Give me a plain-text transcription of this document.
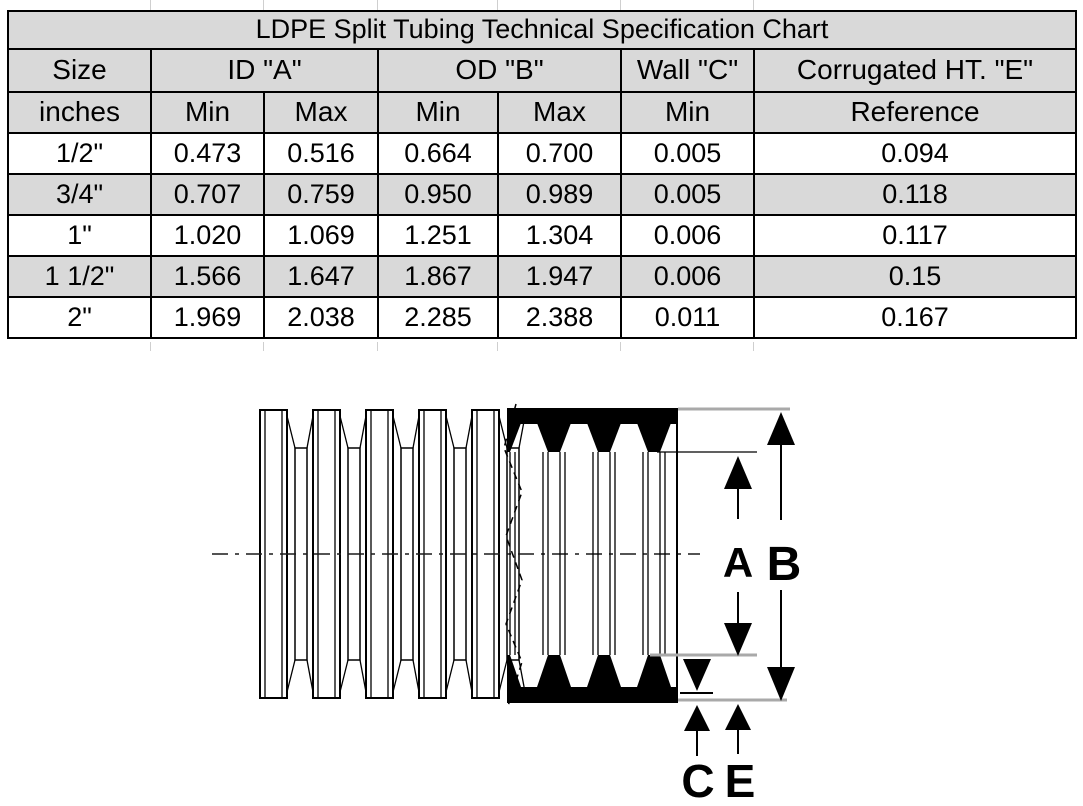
LDPE Split Tubing Technical Specification Chart						
Size	ID "A"		OD "B"		Wall "C"	Corrugated HT. "E"
inches	Min	Max	Min	Max	Min	Reference
1/2"	0.473	0.516	0.664	0.700	0.005	0.094
3/4"	0.707	0.759	0.950	0.989	0.005	0.118
1"	1.020	1.069	1.251	1.304	0.006	0.117
1 1/2"	1.566	1.647	1.867	1.947	0.006	0.15
2"	1.969	2.038	2.285	2.388	0.011	0.167
A B
C E
